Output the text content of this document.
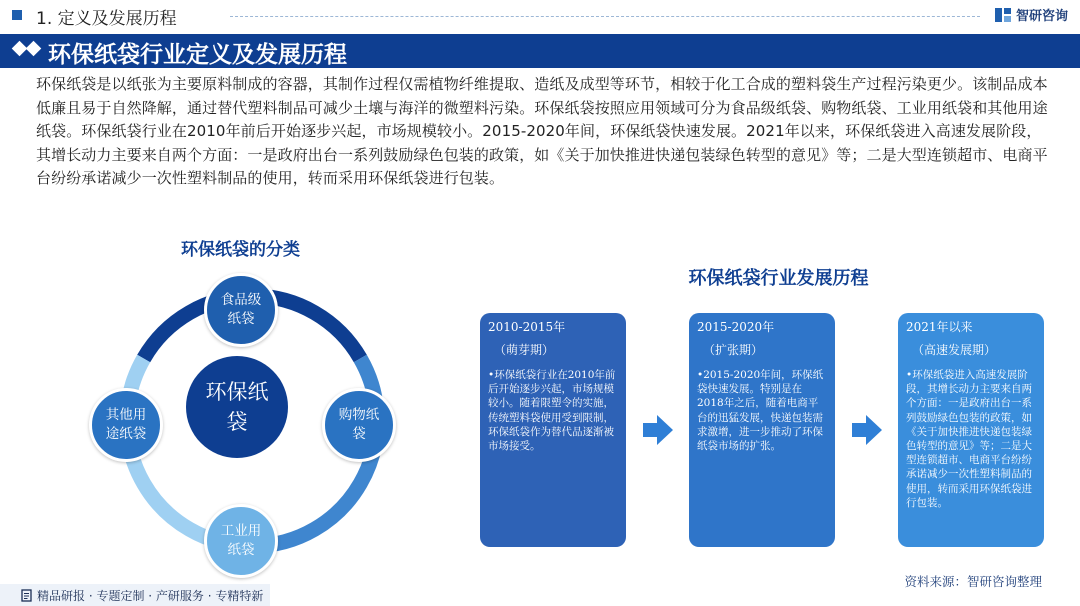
1. 定义及发展历程	智研咨询
环保纸袋行业定义及发展历程
环保纸袋是以纸张为主要原料制成的容器，其制作过程仅需植物纤维提取、造纸及成型等环节，相较于化工合成的塑料袋生产过程污染更少。该制品成本低廉且易于自然降解，通过替代塑料制品可减少土壤与海洋的微塑料污染。环保纸袋按照应用领域可分为食品级纸袋、购物纸袋、工业用纸袋和其他用途纸袋。环保纸袋行业在2010年前后开始逐步兴起，市场规模较小。2015-2020年间，环保纸袋快速发展。2021年以来，环保纸袋进入高速发展阶段，其增长动力主要来自两个方面：一是政府出台一系列鼓励绿色包装的政策，如《关于加快推进快递包装绿色转型的意见》等；二是大型连锁超市、电商平台纷纷承诺减少一次性塑料制品的使用，转而采用环保纸袋进行包装。
环保纸袋的分类
环保纸袋
食品级纸袋
购物纸袋
工业用纸袋
其他用途纸袋
环保纸袋行业发展历程
2010-2015年
（萌芽期）
•环保纸袋行业在2010年前后开始逐步兴起，市场规模较小。随着限塑令的实施，传统塑料袋使用受到限制，环保纸袋作为替代品逐渐被市场接受。
2015-2020年
（扩张期）
•2015-2020年间，环保纸袋快速发展。特别是在2018年之后，随着电商平台的迅猛发展，快递包装需求激增，进一步推动了环保纸袋市场的扩张。
2021年以来
（高速发展期）
•环保纸袋进入高速发展阶段，其增长动力主要来自两个方面：一是政府出台一系列鼓励绿色包装的政策，如《关于加快推进快递包装绿色转型的意见》等；二是大型连锁超市、电商平台纷纷承诺减少一次性塑料制品的使用，转而采用环保纸袋进行包装。
资料来源：智研咨询整理
精品研报 · 专题定制 · 产研服务 · 专精特新
